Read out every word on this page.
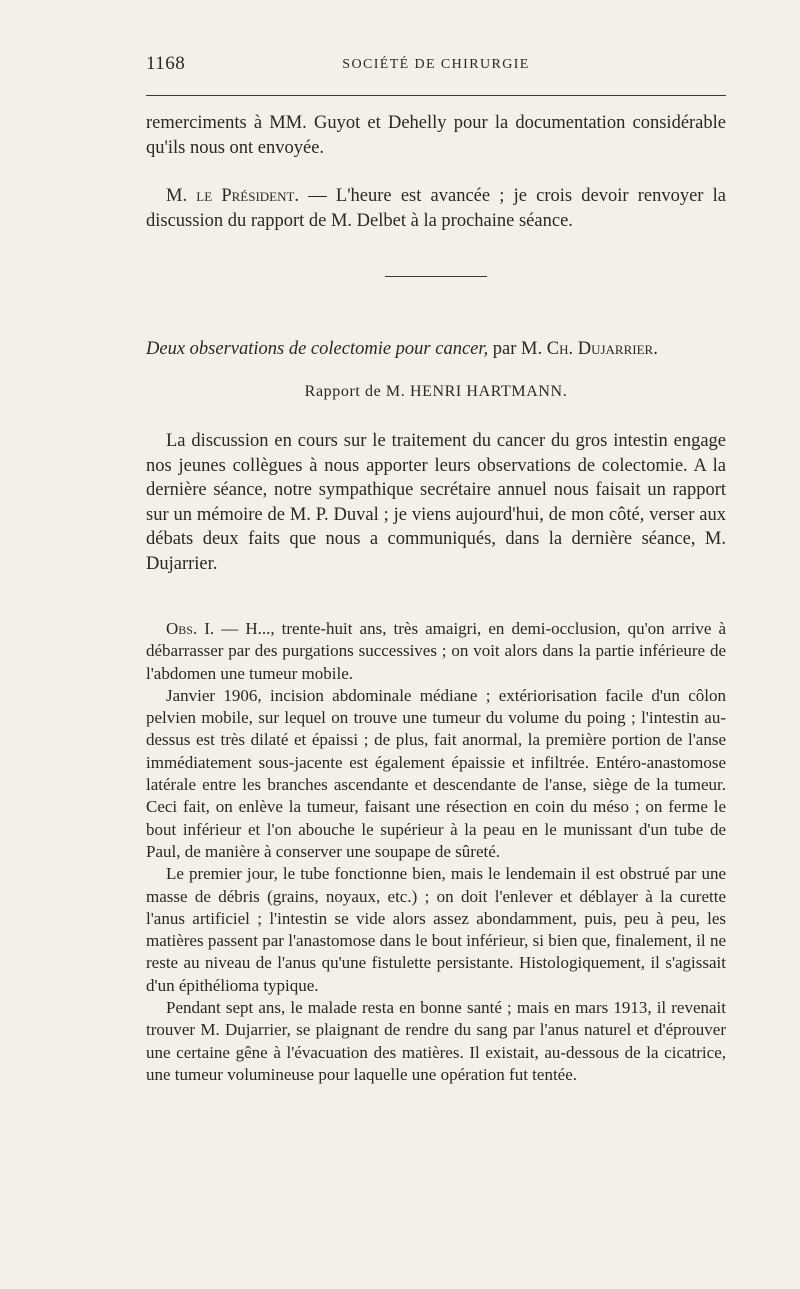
1168	SOCIÉTÉ DE CHIRURGIE

remerciments à MM. Guyot et Dehelly pour la documentation considérable qu'ils nous ont envoyée.

M. le Président. — L'heure est avancée ; je crois devoir renvoyer la discussion du rapport de M. Delbet à la prochaine séance.

Deux observations de colectomie pour cancer, par M. Ch. Dujarrier.
Rapport de M. HENRI HARTMANN.

La discussion en cours sur le traitement du cancer du gros intestin engage nos jeunes collègues à nous apporter leurs observations de colectomie. A la dernière séance, notre sympathique secrétaire annuel nous faisait un rapport sur un mémoire de M. P. Duval ; je viens aujourd'hui, de mon côté, verser aux débats deux faits que nous a communiqués, dans la dernière séance, M. Dujarrier.

Obs. I. — H..., trente-huit ans, très amaigri, en demi-occlusion, qu'on arrive à débarrasser par des purgations successives ; on voit alors dans la partie inférieure de l'abdomen une tumeur mobile.

Janvier 1906, incision abdominale médiane ; extériorisation facile d'un côlon pelvien mobile, sur lequel on trouve une tumeur du volume du poing ; l'intestin au-dessus est très dilaté et épaissi ; de plus, fait anormal, la première portion de l'anse immédiatement sous-jacente est également épaissie et infiltrée. Entéro-anastomose latérale entre les branches ascendante et descendante de l'anse, siège de la tumeur. Ceci fait, on enlève la tumeur, faisant une résection en coin du méso ; on ferme le bout inférieur et l'on abouche le supérieur à la peau en le munissant d'un tube de Paul, de manière à conserver une soupape de sûreté.

Le premier jour, le tube fonctionne bien, mais le lendemain il est obstrué par une masse de débris (grains, noyaux, etc.) ; on doit l'enlever et déblayer à la curette l'anus artificiel ; l'intestin se vide alors assez abondamment, puis, peu à peu, les matières passent par l'anastomose dans le bout inférieur, si bien que, finalement, il ne reste au niveau de l'anus qu'une fistulette persistante. Histologiquement, il s'agissait d'un épithélioma typique.

Pendant sept ans, le malade resta en bonne santé ; mais en mars 1913, il revenait trouver M. Dujarrier, se plaignant de rendre du sang par l'anus naturel et d'éprouver une certaine gêne à l'évacuation des matières. Il existait, au-dessous de la cicatrice, une tumeur volumineuse pour laquelle une opération fut tentée.
